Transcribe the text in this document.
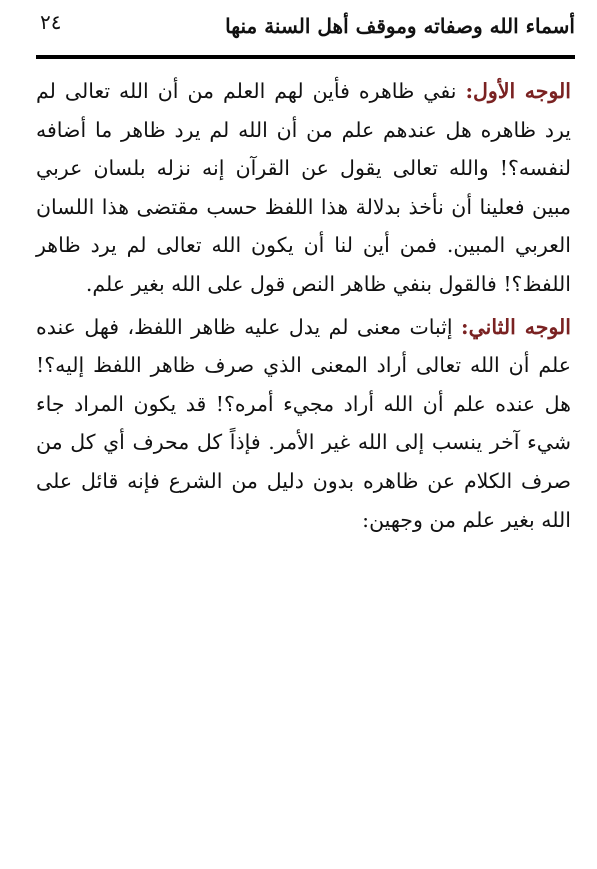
أسماء الله وصفاته وموقف أهل السنة منها
٢٤

الوجه الأول: نفي ظاهره فأين لهم العلم من أن الله تعالى لم يرد ظاهره هل عندهم علم من أن الله لم يرد ظاهر ما أضافه لنفسه؟! والله تعالى يقول عن القرآن إنه نزله بلسان عربي مبين فعلينا أن نأخذ بدلالة هذا اللفظ حسب مقتضى هذا اللسان العربي المبين. فمن أين لنا أن يكون الله تعالى لم يرد ظاهر اللفظ؟! فالقول بنفي ظاهر النص قول على الله بغير علم.

الوجه الثاني: إثبات معنى لم يدل عليه ظاهر اللفظ، فهل عنده علم أن الله تعالى أراد المعنى الذي صرف ظاهر اللفظ إليه؟! هل عنده علم أن الله أراد مجيء أمره؟! قد يكون المراد جاء شيء آخر ينسب إلى الله غير الأمر. فإذاً كل محرف أي كل من صرف الكلام عن ظاهره بدون دليل من الشرع فإنه قائل على الله بغير علم من وجهين:
